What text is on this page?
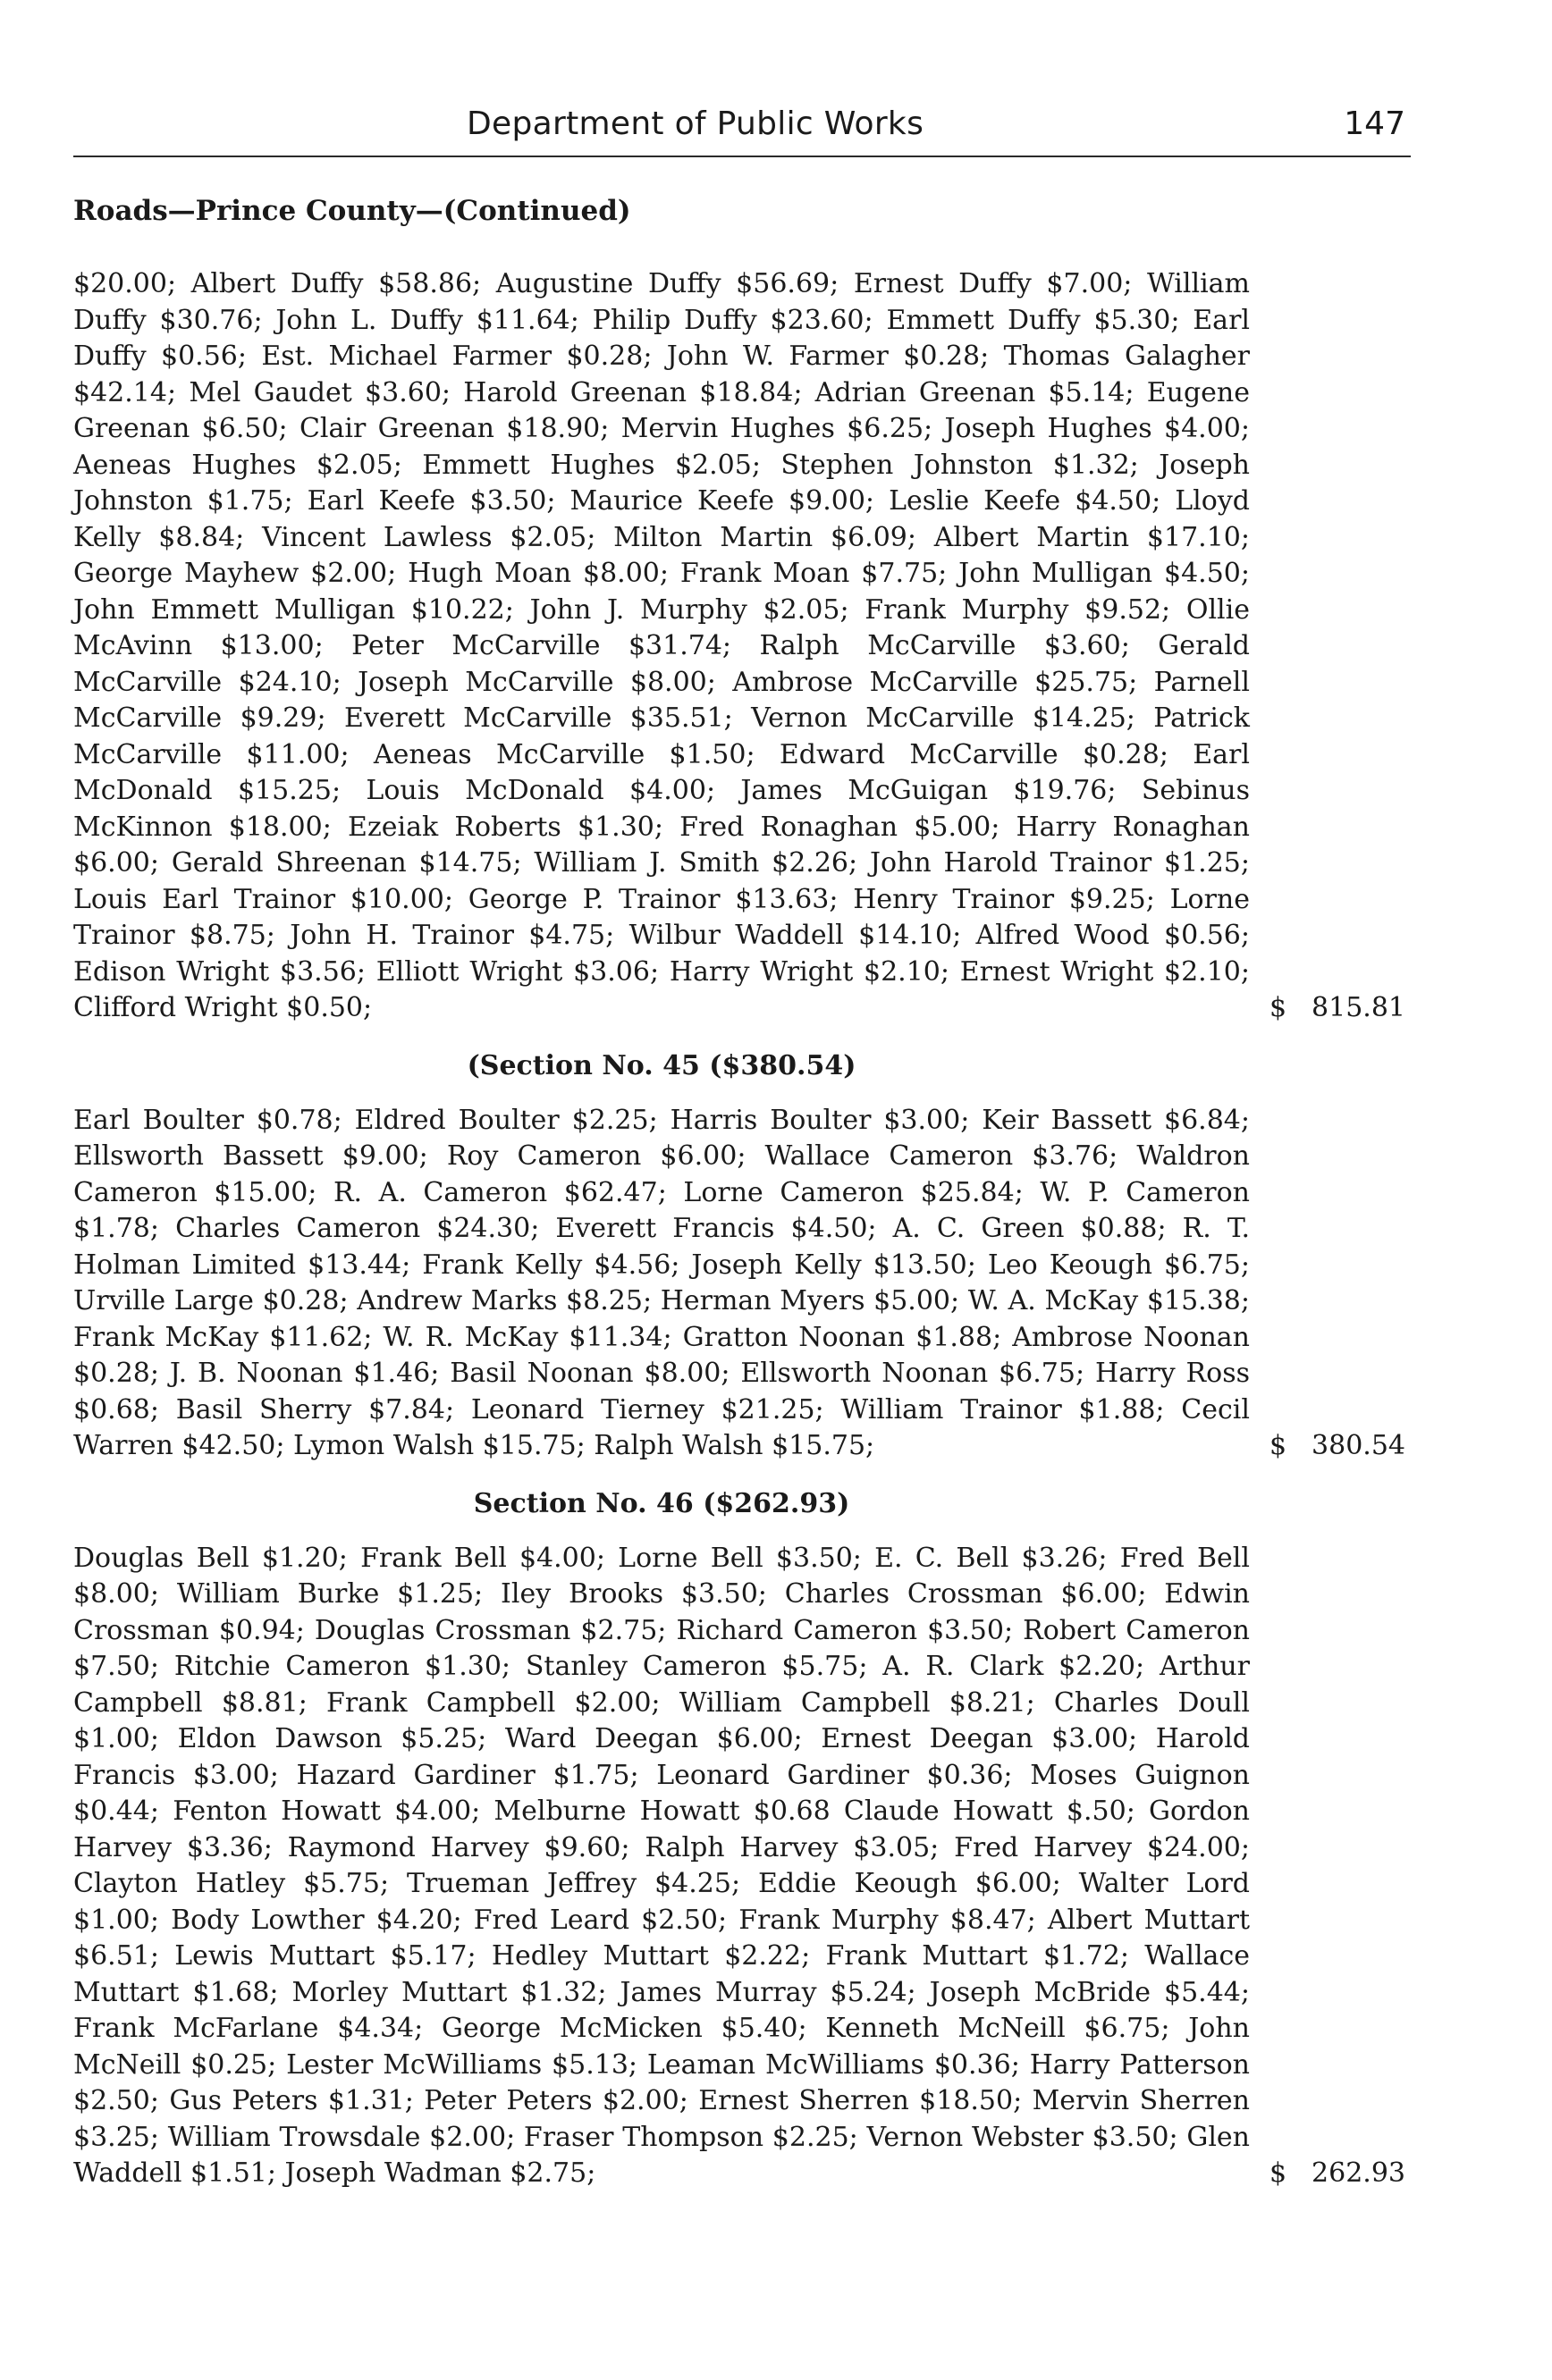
Department of Public Works	147
Roads—Prince County—(Continued)

$20.00; Albert Duffy $58.86; Augustine Duffy $56.69; Ernest Duffy $7.00; William Duffy $30.76; John L. Duffy $11.64; Philip Duffy $23.60; Emmett Duffy $5.30; Earl Duffy $0.56; Est. Michael Farmer $0.28; John W. Farmer $0.28; Thomas Galagher $42.14; Mel Gaudet $3.60; Harold Greenan $18.84; Adrian Greenan $5.14; Eugene Greenan $6.50; Clair Greenan $18.90; Mervin Hughes $6.25; Joseph Hughes $4.00; Aeneas Hughes $2.05; Emmett Hughes $2.05; Stephen Johnston $1.32; Joseph Johnston $1.75; Earl Keefe $3.50; Maurice Keefe $9.00; Leslie Keefe $4.50; Lloyd Kelly $8.84; Vincent Lawless $2.05; Milton Martin $6.09; Albert Martin $17.10; George Mayhew $2.00; Hugh Moan $8.00; Frank Moan $7.75; John Mulligan $4.50; John Emmett Mulligan $10.22; John J. Murphy $2.05; Frank Murphy $9.52; Ollie McAvinn $13.00; Peter McCarville $31.74; Ralph McCarville $3.60; Gerald McCarville $24.10; Joseph McCarville $8.00; Ambrose McCarville $25.75; Parnell McCarville $9.29; Everett McCarville $35.51; Vernon McCarville $14.25; Patrick McCarville $11.00; Aeneas McCarville $1.50; Edward McCarville $0.28; Earl McDonald $15.25; Louis McDonald $4.00; James McGuigan $19.76; Sebinus McKinnon $18.00; Ezeiak Roberts $1.30; Fred Ronaghan $5.00; Harry Ronaghan $6.00; Gerald Shreenan $14.75; William J. Smith $2.26; John Harold Trainor $1.25; Louis Earl Trainor $10.00; George P. Trainor $13.63; Henry Trainor $9.25; Lorne Trainor $8.75; John H. Trainor $4.75; Wilbur Waddell $14.10; Alfred Wood $0.56; Edison Wright $3.56; Elliott Wright $3.06; Harry Wright $2.10; Ernest Wright $2.10; Clifford Wright $0.50;	$ 815.81

(Section No. 45 ($380.54)

Earl Boulter $0.78; Eldred Boulter $2.25; Harris Boulter $3.00; Keir Bassett $6.84; Ellsworth Bassett $9.00; Roy Cameron $6.00; Wallace Cameron $3.76; Waldron Cameron $15.00; R. A. Cameron $62.47; Lorne Cameron $25.84; W. P. Cameron $1.78; Charles Cameron $24.30; Everett Francis $4.50; A. C. Green $0.88; R. T. Holman Limited $13.44; Frank Kelly $4.56; Joseph Kelly $13.50; Leo Keough $6.75; Urville Large $0.28; Andrew Marks $8.25; Herman Myers $5.00; W. A. McKay $15.38; Frank McKay $11.62; W. R. McKay $11.34; Gratton Noonan $1.88; Ambrose Noonan $0.28; J. B. Noonan $1.46; Basil Noonan $8.00; Ellsworth Noonan $6.75; Harry Ross $0.68; Basil Sherry $7.84; Leonard Tierney $21.25; William Trainor $1.88; Cecil Warren $42.50; Lymon Walsh $15.75; Ralph Walsh $15.75;	$ 380.54

Section No. 46 ($262.93)

Douglas Bell $1.20; Frank Bell $4.00; Lorne Bell $3.50; E. C. Bell $3.26; Fred Bell $8.00; William Burke $1.25; Iley Brooks $3.50; Charles Crossman $6.00; Edwin Crossman $0.94; Douglas Crossman $2.75; Richard Cameron $3.50; Robert Cameron $7.50; Ritchie Cameron $1.30; Stanley Cameron $5.75; A. R. Clark $2.20; Arthur Campbell $8.81; Frank Campbell $2.00; William Campbell $8.21; Charles Doull $1.00; Eldon Dawson $5.25; Ward Deegan $6.00; Ernest Deegan $3.00; Harold Francis $3.00; Hazard Gardiner $1.75; Leonard Gardiner $0.36; Moses Guignon $0.44; Fenton Howatt $4.00; Melburne Howatt $0.68 Claude Howatt $.50; Gordon Harvey $3.36; Raymond Harvey $9.60; Ralph Harvey $3.05; Fred Harvey $24.00; Clayton Hatley $5.75; Trueman Jeffrey $4.25; Eddie Keough $6.00; Walter Lord $1.00; Body Lowther $4.20; Fred Leard $2.50; Frank Murphy $8.47; Albert Muttart $6.51; Lewis Muttart $5.17; Hedley Muttart $2.22; Frank Muttart $1.72; Wallace Muttart $1.68; Morley Muttart $1.32; James Murray $5.24; Joseph McBride $5.44; Frank McFarlane $4.34; George McMicken $5.40; Kenneth McNeill $6.75; John McNeill $0.25; Lester McWilliams $5.13; Leaman McWilliams $0.36; Harry Patterson $2.50; Gus Peters $1.31; Peter Peters $2.00; Ernest Sherren $18.50; Mervin Sherren $3.25; William Trowsdale $2.00; Fraser Thompson $2.25; Vernon Webster $3.50; Glen Waddell $1.51; Joseph Wadman $2.75;	$ 262.93
